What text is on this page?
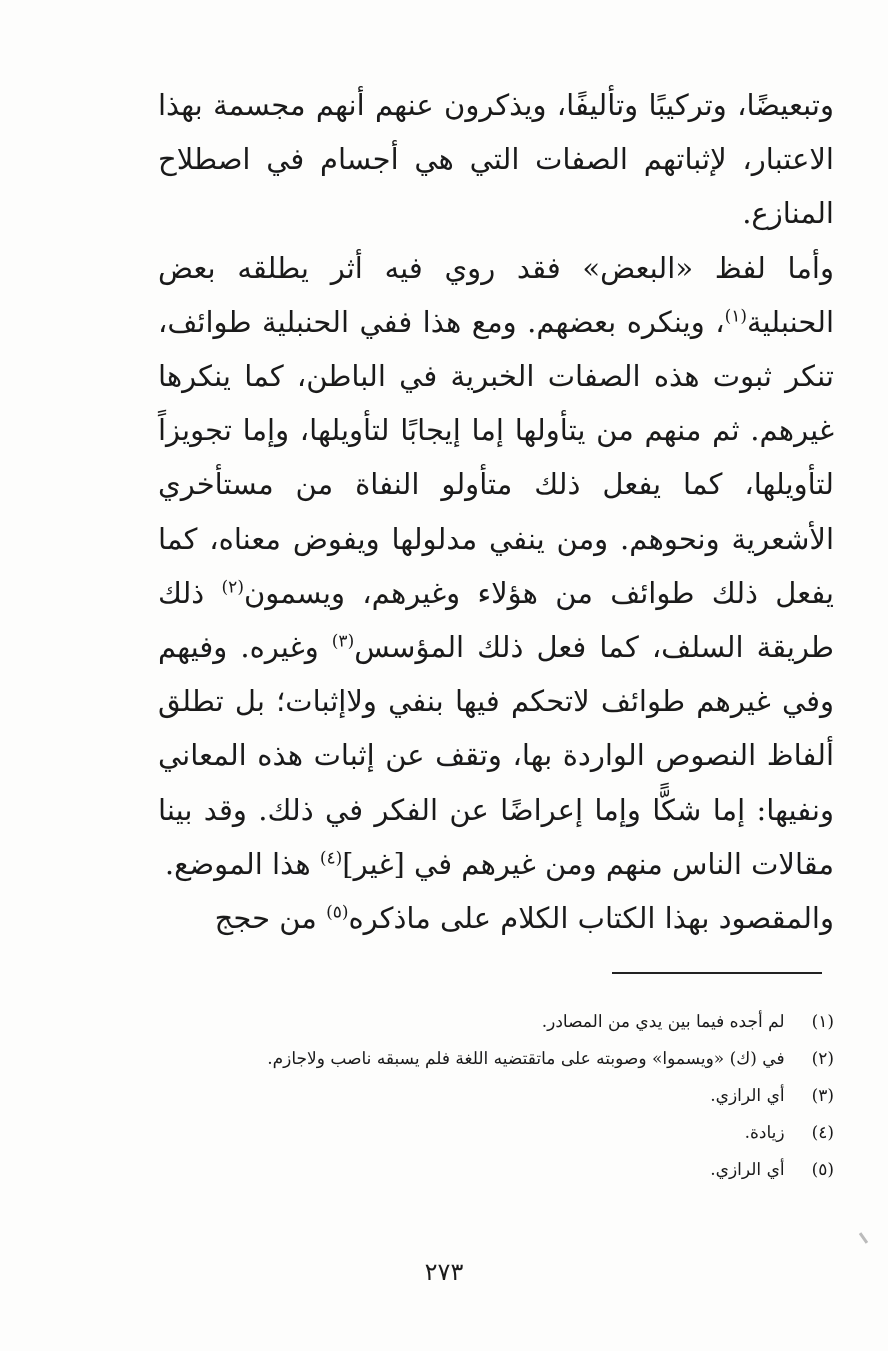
وتبعيضًا، وتركيبًا وتأليفًا، ويذكرون عنهم أنهم مجسمة بهذا الاعتبار، لإثباتهم الصفات التي هي أجسام في اصطلاح المنازع.

وأما لفظ «البعض» فقد روي فيه أثر يطلقه بعض الحنبلية$^{(١)}$، وينكره بعضهم. ومع هذا ففي الحنبلية طوائف، تنكر ثبوت هذه الصفات الخبرية في الباطن، كما ينكرها غيرهم. ثم منهم من يتأولها إما إيجابًا لتأويلها، وإما تجويزاً لتأويلها، كما يفعل ذلك متأولو النفاة من مستأخري الأشعرية ونحوهم. ومن ينفي مدلولها ويفوض معناه، كما يفعل ذلك طوائف من هؤلاء وغيرهم، ويسمون$^{(٢)}$ ذلك طريقة السلف، كما فعل ذلك المؤسس$^{(٣)}$ وغيره. وفيهم وفي غيرهم طوائف لاتحكم فيها بنفي ولاإثبات؛ بل تطلق ألفاظ النصوص الواردة بها، وتقف عن إثبات هذه المعاني ونفيها: إما شكًّا وإما إعراضًا عن الفكر في ذلك. وقد بينا مقالات الناس منهم ومن غيرهم في [غير]$^{(٤)}$ هذا الموضع.

والمقصود بهذا الكتاب الكلام على ماذكره$^{(٥)}$ من حجج

(١) لم أجده فيما بين يدي من المصادر.
(٢) في (ك) «ويسموا» وصوبته على ماتقتضيه اللغة فلم يسبقه ناصب ولاجازم.
(٣) أي الرازي.
(٤) زيادة.
(٥) أي الرازي.
٢٧٣
